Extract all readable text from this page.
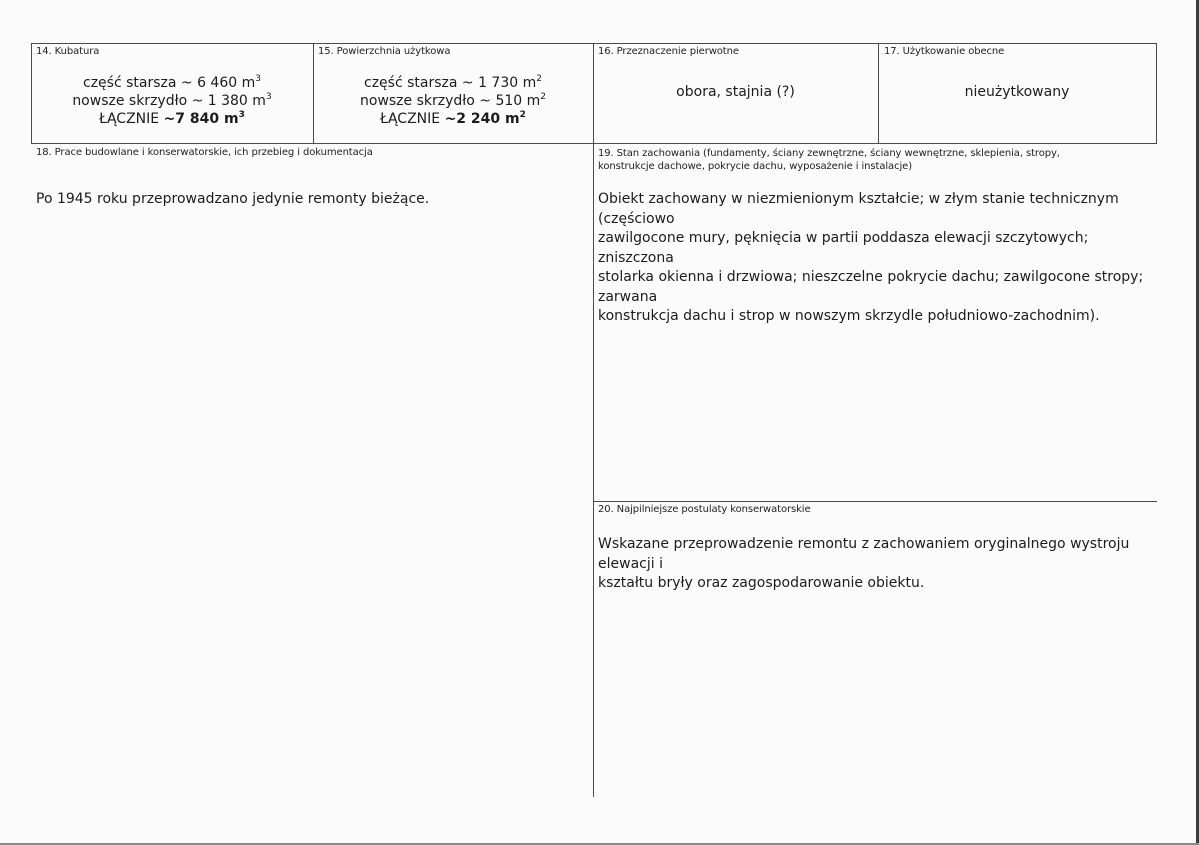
14. Kubatura
część starsza ~ 6 460 $m^3$
nowsze skrzydło ~ 1 380 $m^3$
ŁĄCZNIE ~7 840 $m^3$
15. Powierzchnia użytkowa
część starsza ~ 1 730 $m^2$
nowsze skrzydło ~ 510 $m^2$
ŁĄCZNIE ~2 240 $m^2$
16. Przeznaczenie pierwotne
obora, stajnia (?)
17. Użytkowanie obecne
nieużytkowany
18. Prace budowlane i konserwatorskie, ich przebieg i dokumentacja
Po 1945 roku przeprowadzano jedynie remonty bieżące.
19. Stan zachowania (fundamenty, ściany zewnętrzne, ściany wewnętrzne, sklepienia, stropy,
konstrukcje dachowe, pokrycie dachu, wyposażenie i instalacje)
Obiekt zachowany w niezmienionym kształcie; w złym stanie technicznym (częściowo
zawilgocone mury, pęknięcia w partii poddasza elewacji szczytowych; zniszczona
stolarka okienna i drzwiowa; nieszczelne pokrycie dachu; zawilgocone stropy; zarwana
konstrukcja dachu i strop w nowszym skrzydle południowo-zachodnim).
20. Najpilniejsze postulaty konserwatorskie
Wskazane przeprowadzenie remontu z zachowaniem oryginalnego wystroju elewacji i
kształtu bryły oraz zagospodarowanie obiektu.
